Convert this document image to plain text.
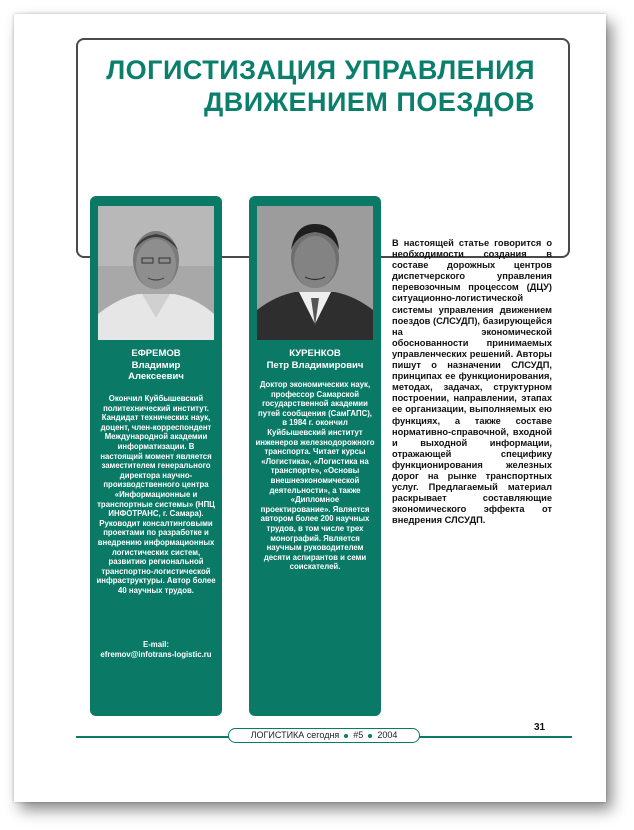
ЛОГИСТИЗАЦИЯ УПРАВЛЕНИЯ
ДВИЖЕНИЕМ ПОЕЗДОВ
ЕФРЕМОВ
Владимир
Алексеевич
Окончил Куйбышевский политехнический институт. Кандидат технических наук, доцент, член-корреспондент Международной академии информатизации. В настоящий момент является заместителем генерального директора научно-производственного центра «Информационные и транспортные системы» (НПЦ ИНФОТРАНС, г. Самара). Руководит консалтинговыми проектами по разработке и внедрению информационных логистических систем, развитию региональной транспортно-логистической инфраструктуры. Автор более 40 научных трудов.
E-mail:
efremov@infotrans-logistic.ru
КУРЕНКОВ
Петр Владимирович
Доктор экономических наук, профессор Самарской государственной академии путей сообщения (СамГАПС), в 1984 г. окончил Куйбышевский институт инженеров железнодорожного транспорта. Читает курсы «Логистика», «Логистика на транспорте», «Основы внешнеэкономической деятельности», а также «Дипломное проектирование». Является автором более 200 научных трудов, в том числе трех монографий. Является научным руководителем десяти аспирантов и семи соискателей.

В настоящей статье говорится о необходимости создания в составе дорожных центров диспетчерского управления перевозочным процессом (ДЦУ) ситуационно-логистической системы управления движением поездов (СЛСУДП), базирующейся на экономической обоснованности принимаемых управленческих решений. Авторы пишут о назначении СЛСУДП, принципах ее функционирования, методах, задачах, структурном построении, направлении, этапах ее организации, выполняемых ею функциях, а также составе нормативно-справочной, входной и выходной информации, отражающей специфику функционирования железных дорог на рынке транспортных услуг. Предлагаемый материал раскрывает составляющие экономического эффекта от внедрения СЛСУДП.

ЛОГИСТИКА сегодня #5 2004
31
